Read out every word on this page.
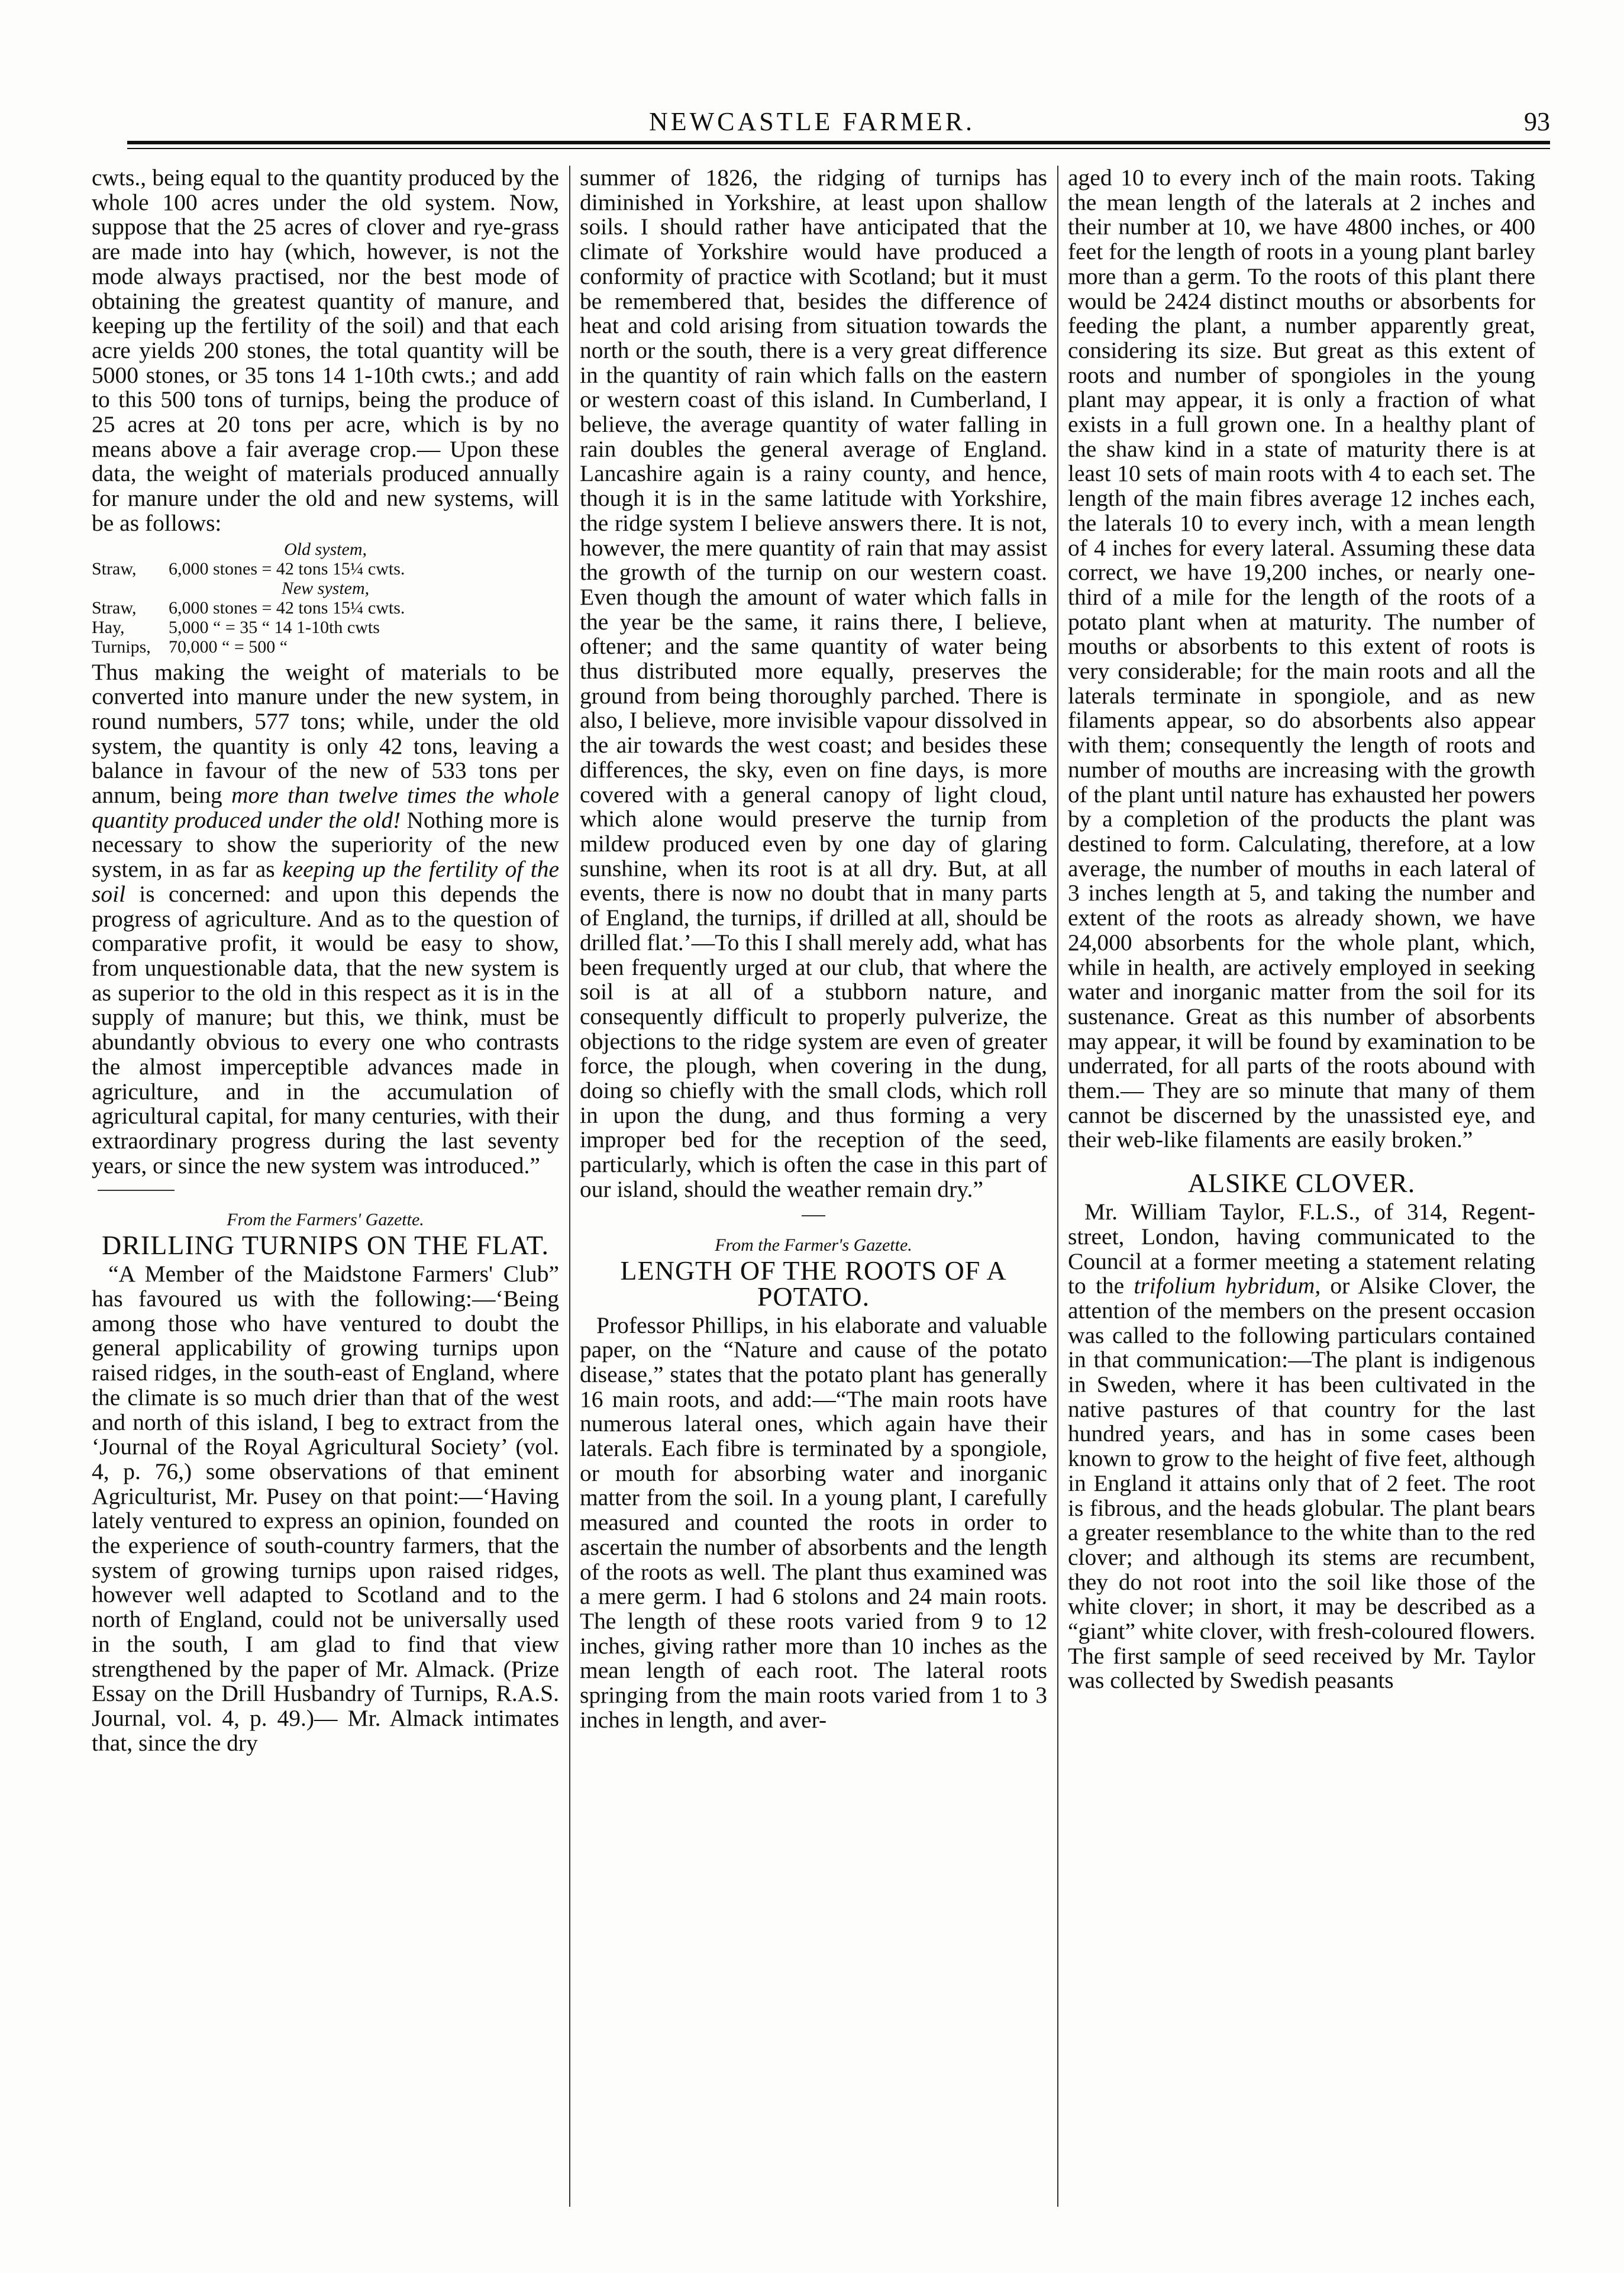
NEWCASTLE FARMER.	93

cwts., being equal to the quantity produced by the whole 100 acres under the old system. Now, suppose that the 25 acres of clover and rye-grass are made into hay (which, however, is not the mode always practised, nor the best mode of obtaining the greatest quantity of manure, and keeping up the fertility of the soil) and that each acre yields 200 stones, the total quantity will be 5000 stones, or 35 tons 14 1-10th cwts.; and add to this 500 tons of turnips, being the produce of 25 acres at 20 tons per acre, which is by no means above a fair average crop.— Upon these data, the weight of materials produced annually for manure under the old and new systems, will be as follows:

Old system,
Straw,	6,000 stones = 42 tons 15¼ cwts.
New system,
Straw,	6,000 stones = 42 tons 15¼ cwts.
Hay,	5,000 “ = 35 “ 14 1-10th cwts
Turnips,	70,000 “ = 500 “

Thus making the weight of materials to be converted into manure under the new system, in round numbers, 577 tons; while, under the old system, the quantity is only 42 tons, leaving a balance in favour of the new of 533 tons per annum, being more than twelve times the whole quantity produced under the old! Nothing more is necessary to show the superiority of the new system, in as far as keeping up the fertility of the soil is concerned: and upon this depends the progress of agriculture. And as to the question of comparative profit, it would be easy to show, from unquestionable data, that the new system is as superior to the old in this respect as it is in the supply of manure; but this, we think, must be abundantly obvious to every one who contrasts the almost imperceptible advances made in agriculture, and in the accumulation of agricultural capital, for many centuries, with their extraordinary progress during the last seventy years, or since the new system was introduced.”

From the Farmers' Gazette.
DRILLING TURNIPS ON THE FLAT.

“A Member of the Maidstone Farmers' Club” has favoured us with the following:—‘Being among those who have ventured to doubt the general applicability of growing turnips upon raised ridges, in the south-east of England, where the climate is so much drier than that of the west and north of this island, I beg to extract from the ‘Journal of the Royal Agricultural Society’ (vol. 4, p. 76,) some observations of that eminent Agriculturist, Mr. Pusey on that point:—‘Having lately ventured to express an opinion, founded on the experience of south-country farmers, that the system of growing turnips upon raised ridges, however well adapted to Scotland and to the north of England, could not be universally used in the south, I am glad to find that view strengthened by the paper of Mr. Almack. (Prize Essay on the Drill Husbandry of Turnips, R.A.S. Journal, vol. 4, p. 49.)— Mr. Almack intimates that, since the dry

summer of 1826, the ridging of turnips has diminished in Yorkshire, at least upon shallow soils. I should rather have anticipated that the climate of Yorkshire would have produced a conformity of practice with Scotland; but it must be remembered that, besides the difference of heat and cold arising from situation towards the north or the south, there is a very great difference in the quantity of rain which falls on the eastern or western coast of this island. In Cumberland, I believe, the average quantity of water falling in rain doubles the general average of England. Lancashire again is a rainy county, and hence, though it is in the same latitude with Yorkshire, the ridge system I believe answers there. It is not, however, the mere quantity of rain that may assist the growth of the turnip on our western coast. Even though the amount of water which falls in the year be the same, it rains there, I believe, oftener; and the same quantity of water being thus distributed more equally, preserves the ground from being thoroughly parched. There is also, I believe, more invisible vapour dissolved in the air towards the west coast; and besides these differences, the sky, even on fine days, is more covered with a general canopy of light cloud, which alone would preserve the turnip from mildew produced even by one day of glaring sunshine, when its root is at all dry. But, at all events, there is now no doubt that in many parts of England, the turnips, if drilled at all, should be drilled flat.’—To this I shall merely add, what has been frequently urged at our club, that where the soil is at all of a stubborn nature, and consequently difficult to properly pulverize, the objections to the ridge system are even of greater force, the plough, when covering in the dung, doing so chiefly with the small clods, which roll in upon the dung, and thus forming a very improper bed for the reception of the seed, particularly, which is often the case in this part of our island, should the weather remain dry.”

From the Farmer's Gazette.
LENGTH OF THE ROOTS OF A POTATO.

Professor Phillips, in his elaborate and valuable paper, on the “Nature and cause of the potato disease,” states that the potato plant has generally 16 main roots, and add:—“The main roots have numerous lateral ones, which again have their laterals. Each fibre is terminated by a spongiole, or mouth for absorbing water and inorganic matter from the soil. In a young plant, I carefully measured and counted the roots in order to ascertain the number of absorbents and the length of the roots as well. The plant thus examined was a mere germ. I had 6 stolons and 24 main roots. The length of these roots varied from 9 to 12 inches, giving rather more than 10 inches as the mean length of each root. The lateral roots springing from the main roots varied from 1 to 3 inches in length, and aver-

aged 10 to every inch of the main roots. Taking the mean length of the laterals at 2 inches and their number at 10, we have 4800 inches, or 400 feet for the length of roots in a young plant barley more than a germ. To the roots of this plant there would be 2424 distinct mouths or absorbents for feeding the plant, a number apparently great, considering its size. But great as this extent of roots and number of spongioles in the young plant may appear, it is only a fraction of what exists in a full grown one. In a healthy plant of the shaw kind in a state of maturity there is at least 10 sets of main roots with 4 to each set. The length of the main fibres average 12 inches each, the laterals 10 to every inch, with a mean length of 4 inches for every lateral. Assuming these data correct, we have 19,200 inches, or nearly one-third of a mile for the length of the roots of a potato plant when at maturity. The number of mouths or absorbents to this extent of roots is very considerable; for the main roots and all the laterals terminate in spongiole, and as new filaments appear, so do absorbents also appear with them; consequently the length of roots and number of mouths are increasing with the growth of the plant until nature has exhausted her powers by a completion of the products the plant was destined to form. Calculating, therefore, at a low average, the number of mouths in each lateral of 3 inches length at 5, and taking the number and extent of the roots as already shown, we have 24,000 absorbents for the whole plant, which, while in health, are actively employed in seeking water and inorganic matter from the soil for its sustenance. Great as this number of absorbents may appear, it will be found by examination to be underrated, for all parts of the roots abound with them.— They are so minute that many of them cannot be discerned by the unassisted eye, and their web-like filaments are easily broken.”

ALSIKE CLOVER.

Mr. William Taylor, F.L.S., of 314, Regent-street, London, having communicated to the Council at a former meeting a statement relating to the trifolium hybridum, or Alsike Clover, the attention of the members on the present occasion was called to the following particulars contained in that communication:—The plant is indigenous in Sweden, where it has been cultivated in the native pastures of that country for the last hundred years, and has in some cases been known to grow to the height of five feet, although in England it attains only that of 2 feet. The root is fibrous, and the heads globular. The plant bears a greater resemblance to the white than to the red clover; and although its stems are recumbent, they do not root into the soil like those of the white clover; in short, it may be described as a “giant” white clover, with fresh-coloured flowers. The first sample of seed received by Mr. Taylor was collected by Swedish peasants
